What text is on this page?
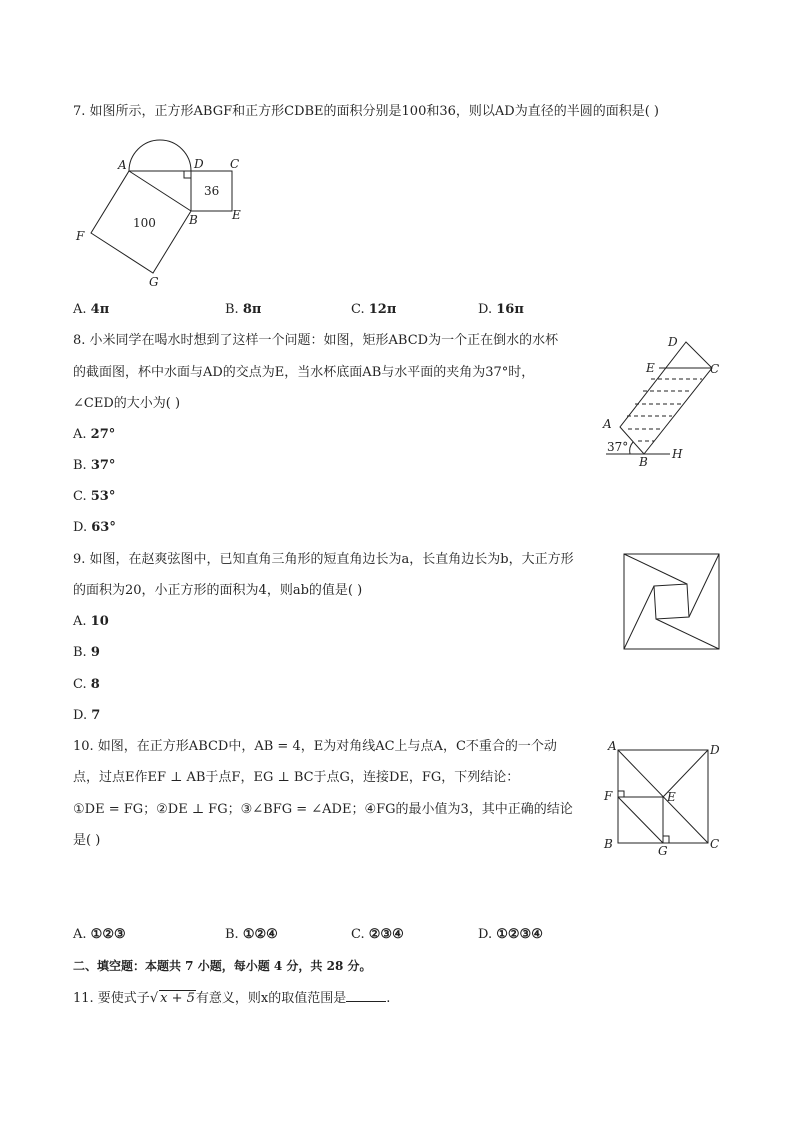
7. 如图所示，正方形ABGF和正方形CDBE的面积分别是100和36，则以AD为直径的半圆的面积是( )
A	D C
B	E
F
G
100
36
A. 4π	B. 8π	C. 12π	D. 16π
8. 小米同学在喝水时想到了这样一个问题：如图，矩形ABCD为一个正在倒水的水杯
的截面图，杯中水面与AD的交点为E，当水杯底面AB与水平面的夹角为37°时，
∠CED的大小为( )
A. 27°
B. 37°
C. 53°
D. 63°
D
E	C
A
37°
B
H
9. 如图，在赵爽弦图中，已知直角三角形的短直角边长为a，长直角边长为b，大正方形
的面积为20，小正方形的面积为4，则ab的值是( )
A. 10
B. 9
C. 8
D. 7
10. 如图，在正方形ABCD中，AB = 4，E为对角线AC上与点A，C不重合的一个动
点，过点E作EF ⊥ AB于点F，EG ⊥ BC于点G，连接DE，FG，下列结论：
①DE = FG；②DE ⊥ FG；③∠BFG = ∠ADE；④FG的最小值为3，其中正确的结论
是( )
A	D
F	E
B	G	C
A. ①②③	B. ①②④	C. ②③④	D. ①②③④
二、填空题：本题共 7 小题，每小题 4 分，共 28 分。
11. 要使式子√ x + 5有意义，则x的取值范围是	.
